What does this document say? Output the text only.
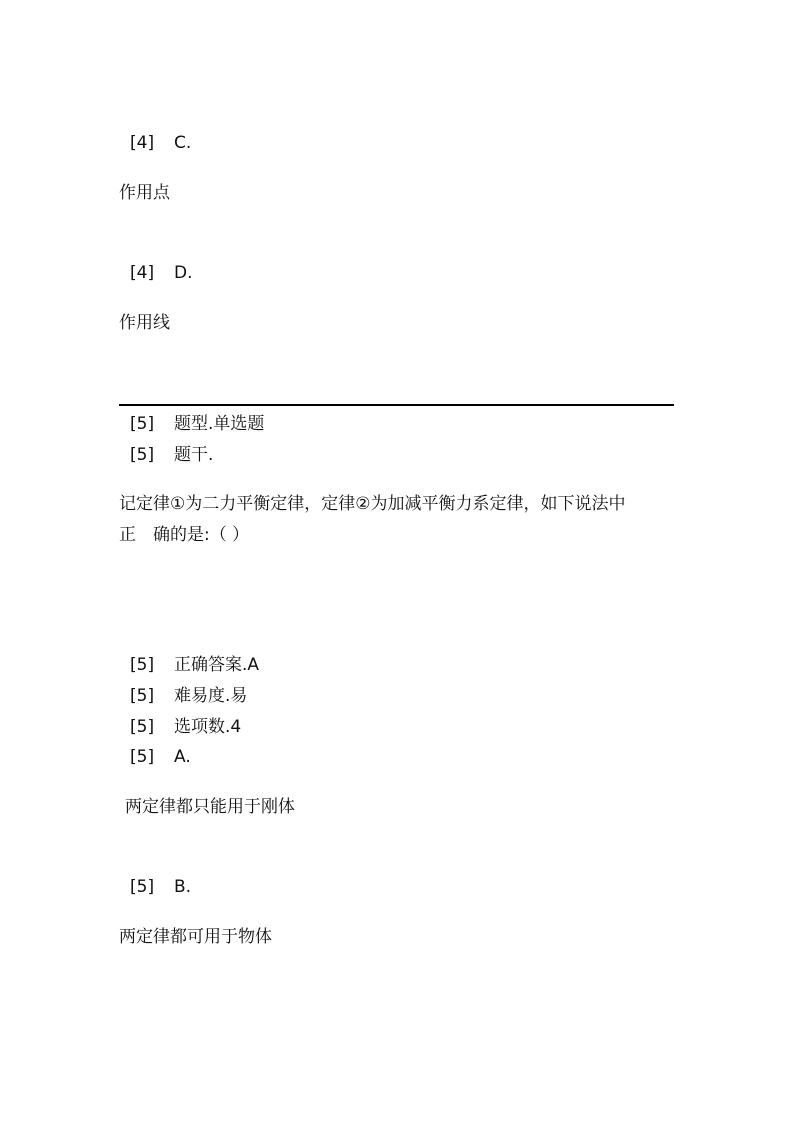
[4] C.
作用点
[4] D.
作用线
[5] 题型.单选题
[5] 题干.
记定律①为二力平衡定律，定律②为加减平衡力系定律，如下说法中
正　确的是:（ ）
[5] 正确答案.A
[5] 难易度.易
[5] 选项数.4
[5] A.
两定律都只能用于刚体
[5] B.
两定律都可用于物体
